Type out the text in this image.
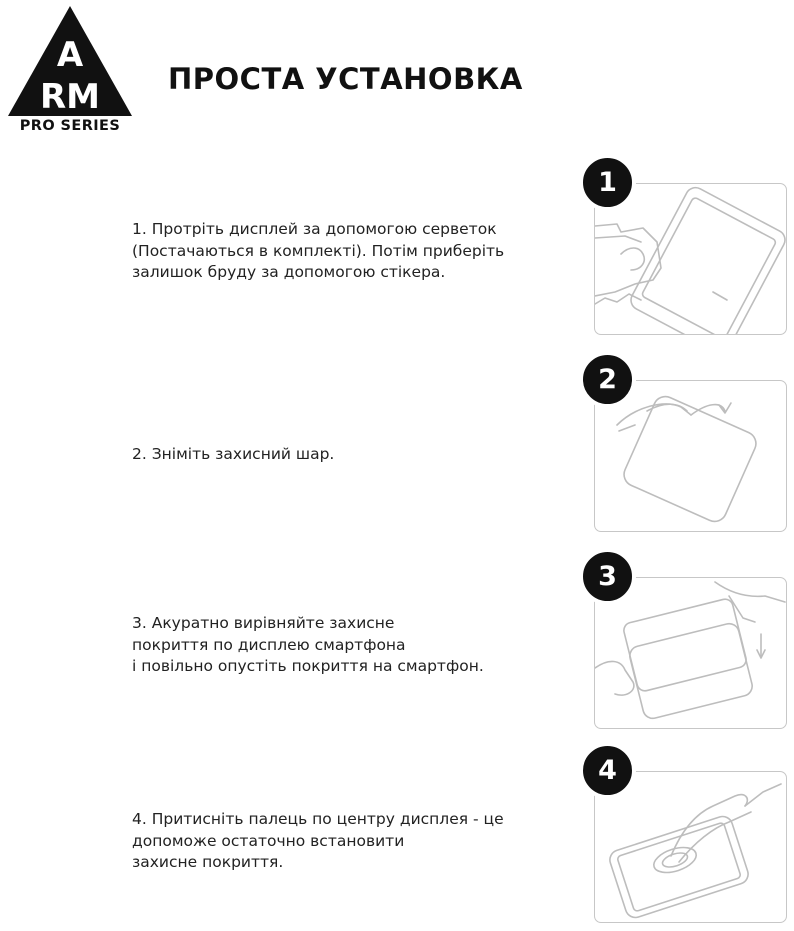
A
RM
PRO SERIES
ПРОСТА УСТАНОВКА
1. Протріть дисплей за допомогою серветок
(Постачаються в комплекті). Потім приберіть
залишок бруду за допомогою стікера.
1
2. Зніміть захисний шар.
2
3. Акуратно вирівняйте захисне
покриття по дисплею смартфона
і повільно опустіть покриття на смартфон.
3
4. Притисніть палець по центру дисплея - це
допоможе остаточно встановити
захисне покриття.
4
